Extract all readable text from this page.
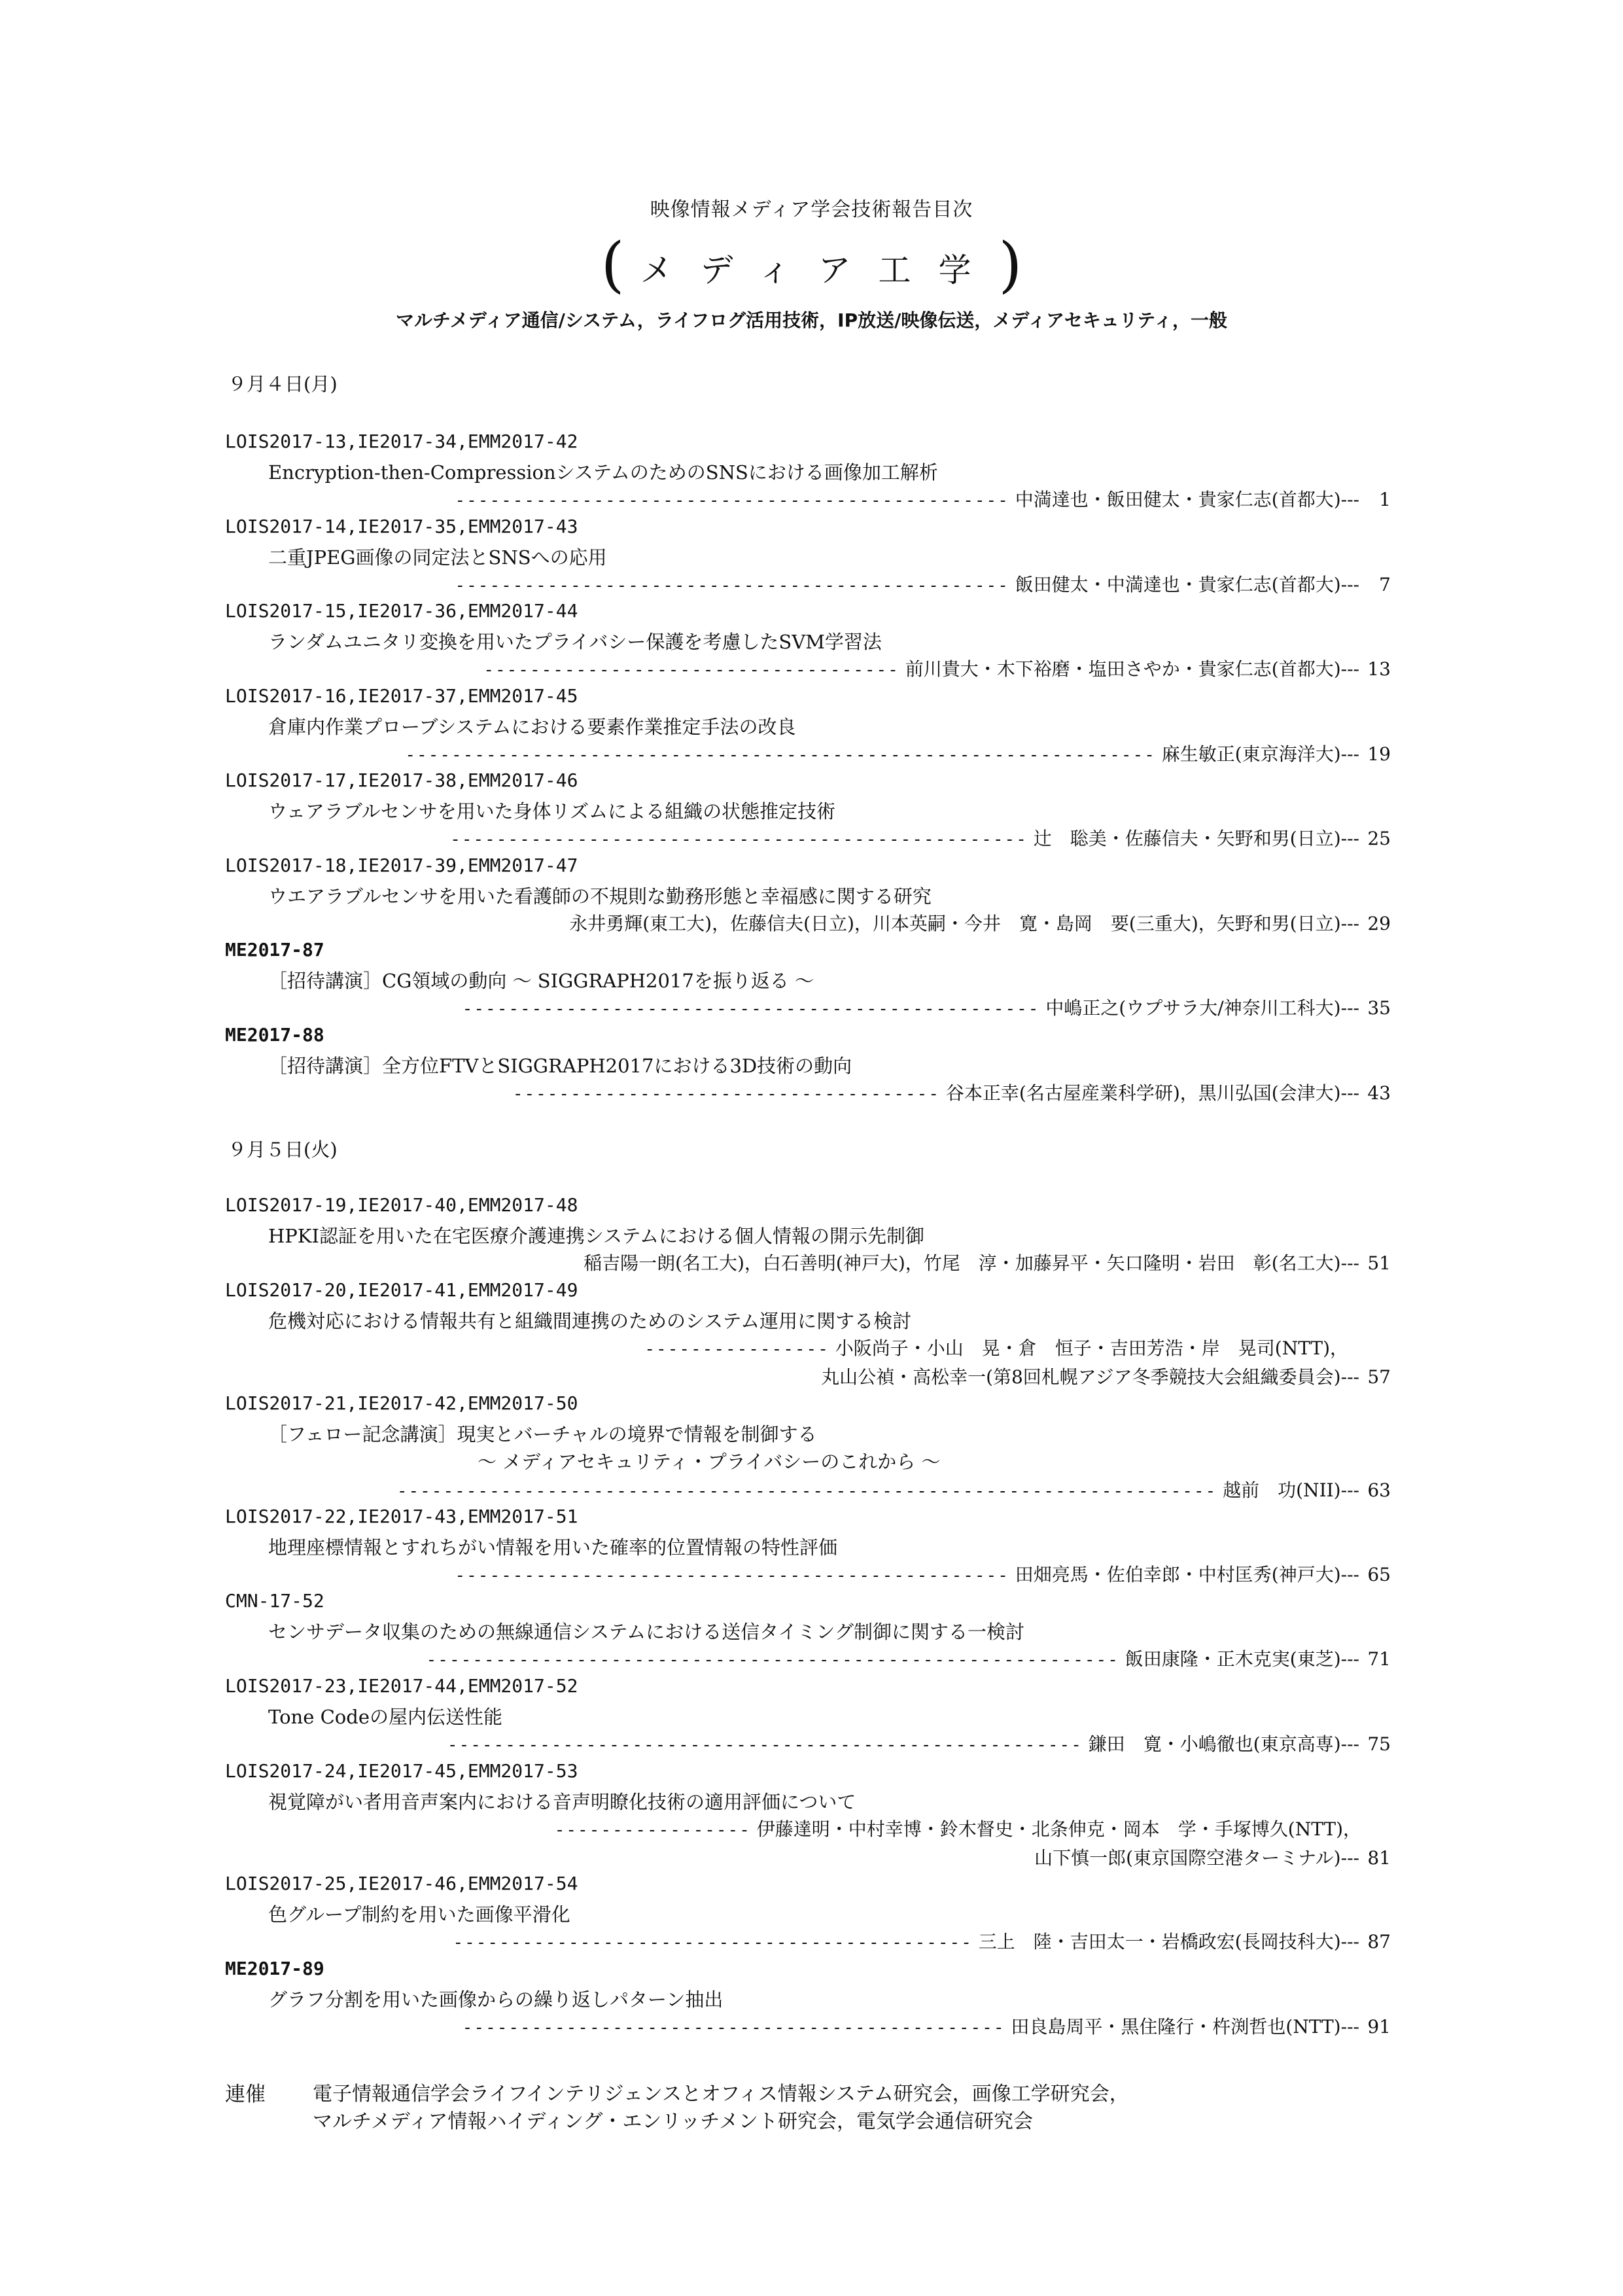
映像情報メディア学会技術報告目次
( メディア工学)
マルチメディア通信/システム，ライフログ活用技術，IP放送/映像伝送，メディアセキュリティ，一般
９月４日(月)
LOIS2017-13,IE2017-34,EMM2017-42
Encryption-then-CompressionシステムのためのSNSにおける画像加工解析
------------------------------------------------ 中満達也・飯田健太・貴家仁志(首都大)--- 1
LOIS2017-14,IE2017-35,EMM2017-43
二重JPEG画像の同定法とSNSへの応用
------------------------------------------------ 飯田健太・中満達也・貴家仁志(首都大)--- 7
LOIS2017-15,IE2017-36,EMM2017-44
ランダムユニタリ変換を用いたプライバシー保護を考慮したSVM学習法
------------------------------------ 前川貴大・木下裕磨・塩田さやか・貴家仁志(首都大)--- 13
LOIS2017-16,IE2017-37,EMM2017-45
倉庫内作業プローブシステムにおける要素作業推定手法の改良
----------------------------------------------------------------- 麻生敏正(東京海洋大)--- 19
LOIS2017-17,IE2017-38,EMM2017-46
ウェアラブルセンサを用いた身体リズムによる組織の状態推定技術
-------------------------------------------------- 辻　聡美・佐藤信夫・矢野和男(日立)--- 25
LOIS2017-18,IE2017-39,EMM2017-47
ウエアラブルセンサを用いた看護師の不規則な勤務形態と幸福感に関する研究
永井勇輝(東工大)，佐藤信夫(日立)，川本英嗣・今井　寛・島岡　要(三重大)，矢野和男(日立)--- 29
ME2017-87
［招待講演］CG領域の動向 ～ SIGGRAPH2017を振り返る ～
-------------------------------------------------- 中嶋正之(ウプサラ大/神奈川工科大)--- 35
ME2017-88
［招待講演］全方位FTVとSIGGRAPH2017における3D技術の動向
------------------------------------- 谷本正幸(名古屋産業科学研)，黒川弘国(会津大)--- 43
９月５日(火)
LOIS2017-19,IE2017-40,EMM2017-48
HPKI認証を用いた在宅医療介護連携システムにおける個人情報の開示先制御
稲吉陽一朗(名工大)，白石善明(神戸大)，竹尾　淳・加藤昇平・矢口隆明・岩田　彰(名工大)--- 51
LOIS2017-20,IE2017-41,EMM2017-49
危機対応における情報共有と組織間連携のためのシステム運用に関する検討
---------------- 小阪尚子・小山　晃・倉　恒子・吉田芳浩・岸　晃司(NTT)，
丸山公禎・高松幸一(第8回札幌アジア冬季競技大会組織委員会)--- 57
LOIS2017-21,IE2017-42,EMM2017-50
［フェロー記念講演］現実とバーチャルの境界で情報を制御する
～ メディアセキュリティ・プライバシーのこれから ～
----------------------------------------------------------------------- 越前　功(NII)--- 63
LOIS2017-22,IE2017-43,EMM2017-51
地理座標情報とすれちがい情報を用いた確率的位置情報の特性評価
------------------------------------------------ 田畑亮馬・佐伯幸郎・中村匡秀(神戸大)--- 65
CMN-17-52
センサデータ収集のための無線通信システムにおける送信タイミング制御に関する一検討
------------------------------------------------------------ 飯田康隆・正木克実(東芝)--- 71
LOIS2017-23,IE2017-44,EMM2017-52
Tone Codeの屋内伝送性能
------------------------------------------------------- 鎌田　寛・小嶋徹也(東京高専)--- 75
LOIS2017-24,IE2017-45,EMM2017-53
視覚障がい者用音声案内における音声明瞭化技術の適用評価について
----------------- 伊藤達明・中村幸博・鈴木督史・北条伸克・岡本　学・手塚博久(NTT)，
山下慎一郎(東京国際空港ターミナル)--- 81
LOIS2017-25,IE2017-46,EMM2017-54
色グループ制約を用いた画像平滑化
--------------------------------------------- 三上　陸・吉田太一・岩橋政宏(長岡技科大)--- 87
ME2017-89
グラフ分割を用いた画像からの繰り返しパターン抽出
----------------------------------------------- 田良島周平・黒住隆行・杵渕哲也(NTT)--- 91
連催 電子情報通信学会ライフインテリジェンスとオフィス情報システム研究会，画像工学研究会，
マルチメディア情報ハイディング・エンリッチメント研究会，電気学会通信研究会
